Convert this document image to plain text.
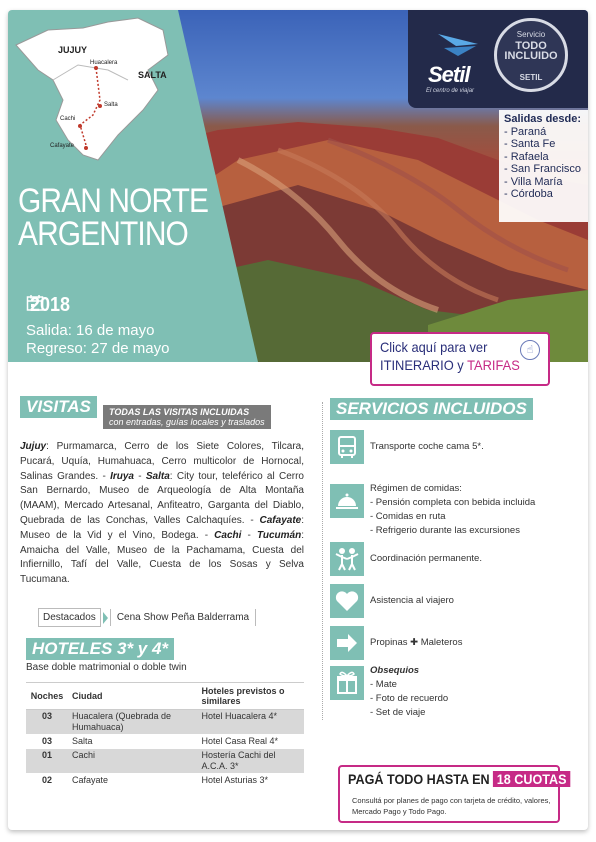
JUJUY
SALTA
Huacalera
Salta
Cachi
Cafayate
GRAN NORTE
ARGENTINO
2018
Salida: 16 de mayo
Regreso: 27 de mayo
Setil
El centro de viajar
Servicio
TODO INCLUIDO
SETIL
Salidas desde:
- Paraná
- Santa Fe
- Rafaela
- San Francisco
- Villa María
- Córdoba
Click aquí para ver
ITINERARIO y TARIFAS
☝
VISITAS	TODAS LAS VISITAS INCLUIDAS
con entradas, guías locales y traslados
Jujuy: Purmamarca, Cerro de los Siete Colores, Tilcara, Pucará, Uquía, Humahuaca, Cerro multicolor de Hornocal, Salinas Grandes. - Iruya - Salta: City tour, teleférico al Cerro San Bernardo, Museo de Arqueología de Alta Montaña (MAAM), Mercado Artesanal, Anfiteatro, Garganta del Diablo, Quebrada de las Conchas, Valles Calchaquíes. - Cafayate: Museo de la Vid y el Vino, Bodega. - Cachi - Tucumán: Amaicha del Valle, Museo de la Pachamama, Cuesta del Infiernillo, Tafí del Valle, Cuesta de los Sosas y Selva Tucumana.
Destacados	Cena Show Peña Balderrama
HOTELES 3* y 4*
Base doble matrimonial o doble twin
Noches	Ciudad	Hoteles previstos o similares
03	Huacalera (Quebrada de Humahuaca)	Hotel Huacalera 4*
03	Salta	Hotel Casa Real 4*
01	Cachi	Hostería Cachi del A.C.A. 3*
02	Cafayate	Hotel Asturias 3*
SERVICIOS INCLUIDOS
Transporte coche cama 5*.
Régimen de comidas:
- Pensión completa con bebida incluida
- Comidas en ruta
- Refrigerio durante las excursiones
Coordinación permanente.
Asistencia al viajero
Propinas ✚ Maleteros
Obsequios
- Mate
- Foto de recuerdo
- Set de viaje
PAGÁ TODO HASTA EN 18 CUOTAS
Consultá por planes de pago con tarjeta de crédito, valores, Mercado Pago y Todo Pago.
